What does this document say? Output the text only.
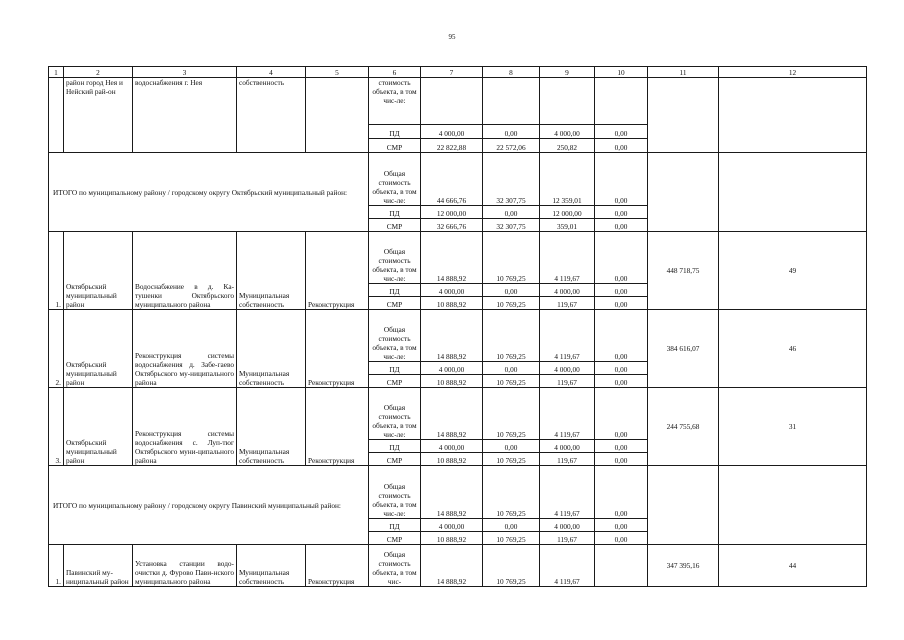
95
1	2	3	4	5	6	7	8	9	10	11	12
	район город Нея и Нейский рай-он	водоснабжения г. Нея	собственность		стоимость объекта, в том чис-ле:						
					ПД	4 000,00	0,00	4 000,00	0,00		
					СМР	22 822,88	22 572,06	250,82	0,00		
ИТОГО по муниципальному району / городскому округу Октябрьский муниципальный район:					Общая стоимость объекта, в том чис-ле:	44 666,76	32 307,75	12 359,01	0,00		
					ПД	12 000,00	0,00	12 000,00	0,00		
					СМР	32 666,76	32 307,75	359,01	0,00		
1.	Октябрьский муниципальный район	Водоснабжение в д. Ка-тушенки Октябрьского муниципального района	Муниципальная собственность	Реконструкция	Общая стоимость объекта, в том чис-ле:	14 888,92	10 769,25	4 119,67	0,00	448 718,75	49
					ПД	4 000,00	0,00	4 000,00	0,00		
					СМР	10 888,92	10 769,25	119,67	0,00		
2.	Октябрьский муниципальный район	Реконструкция системы водоснабжения д. Забе-гаево Октябрьского му-ниципального района	Муниципальная собственность	Реконструкция	Общая стоимость объекта, в том чис-ле:	14 888,92	10 769,25	4 119,67	0,00	384 616,07	46
					ПД	4 000,00	0,00	4 000,00	0,00		
					СМР	10 888,92	10 769,25	119,67	0,00		
3.	Октябрьский муниципальный район	Реконструкция системы водоснабжения с. Луп-тюг Октябрьского муни-ципального района	Муниципальная собственность	Реконструкция	Общая стоимость объекта, в том чис-ле:	14 888,92	10 769,25	4 119,67	0,00	244 755,68	31
					ПД	4 000,00	0,00	4 000,00	0,00		
					СМР	10 888,92	10 769,25	119,67	0,00		
ИТОГО по муниципальному району / городскому округу Павинский муниципальный район:					Общая стоимость объекта, в том чис-ле:	14 888,92	10 769,25	4 119,67	0,00		
					ПД	4 000,00	0,00	4 000,00	0,00		
					СМР	10 888,92	10 769,25	119,67	0,00		
1.	Павинский му-ниципальный район	Установка станции водо-очистки д. Фурово Пави-нского муниципального района	Муниципальная собственность	Реконструкция	Общая стоимость объекта, в том чис-	14 888,92	10 769,25	4 119,67		347 395,16	44
